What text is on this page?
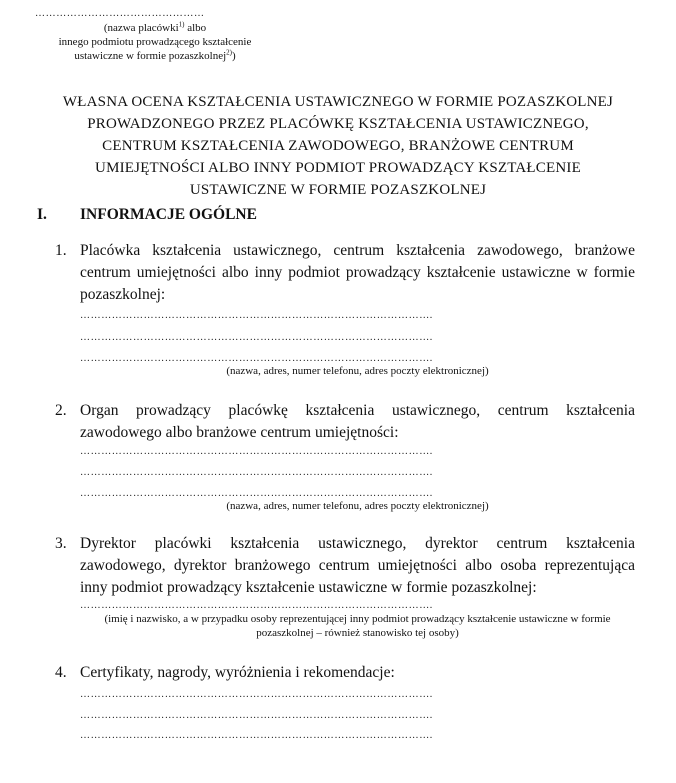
…………………………………………
(nazwa placówki$^{1)}$ albo
innego podmiotu prowadzącego kształcenie
ustawiczne w formie pozaszkolnej$^{2)}$)
WŁASNA OCENA KSZTAŁCENIA USTAWICZNEGO W FORMIE POZASZKOLNEJ
PROWADZONEGO PRZEZ PLACÓWKĘ KSZTAŁCENIA USTAWICZNEGO,
CENTRUM KSZTAŁCENIA ZAWODOWEGO, BRANŻOWE CENTRUM
UMIEJĘTNOŚCI ALBO INNY PODMIOT PROWADZĄCY KSZTAŁCENIE
USTAWICZNE W FORMIE POZASZKOLNEJ
I. INFORMACJE OGÓLNE
1. Placówka kształcenia ustawicznego, centrum kształcenia zawodowego, branżowe
centrum umiejętności albo inny podmiot prowadzący kształcenie ustawiczne w formie
pozaszkolnej:
……………………………………………………………………………………….
……………………………………………………………………………………….
……………………………………………………………………………………….
(nazwa, adres, numer telefonu, adres poczty elektronicznej)
2. Organ prowadzący placówkę kształcenia ustawicznego, centrum kształcenia
zawodowego albo branżowe centrum umiejętności:
……………………………………………………………………………………….
……………………………………………………………………………………….
……………………………………………………………………………………….
(nazwa, adres, numer telefonu, adres poczty elektronicznej)
3. Dyrektor placówki kształcenia ustawicznego, dyrektor centrum kształcenia
zawodowego, dyrektor branżowego centrum umiejętności albo osoba reprezentująca
inny podmiot prowadzący kształcenie ustawiczne w formie pozaszkolnej:
……………………………………………………………………………………….
(imię i nazwisko, a w przypadku osoby reprezentującej inny podmiot prowadzący kształcenie ustawiczne w formie
pozaszkolnej – również stanowisko tej osoby)
4. Certyfikaty, nagrody, wyróżnienia i rekomendacje:
……………………………………………………………………………………….
……………………………………………………………………………………….
……………………………………………………………………………………….
